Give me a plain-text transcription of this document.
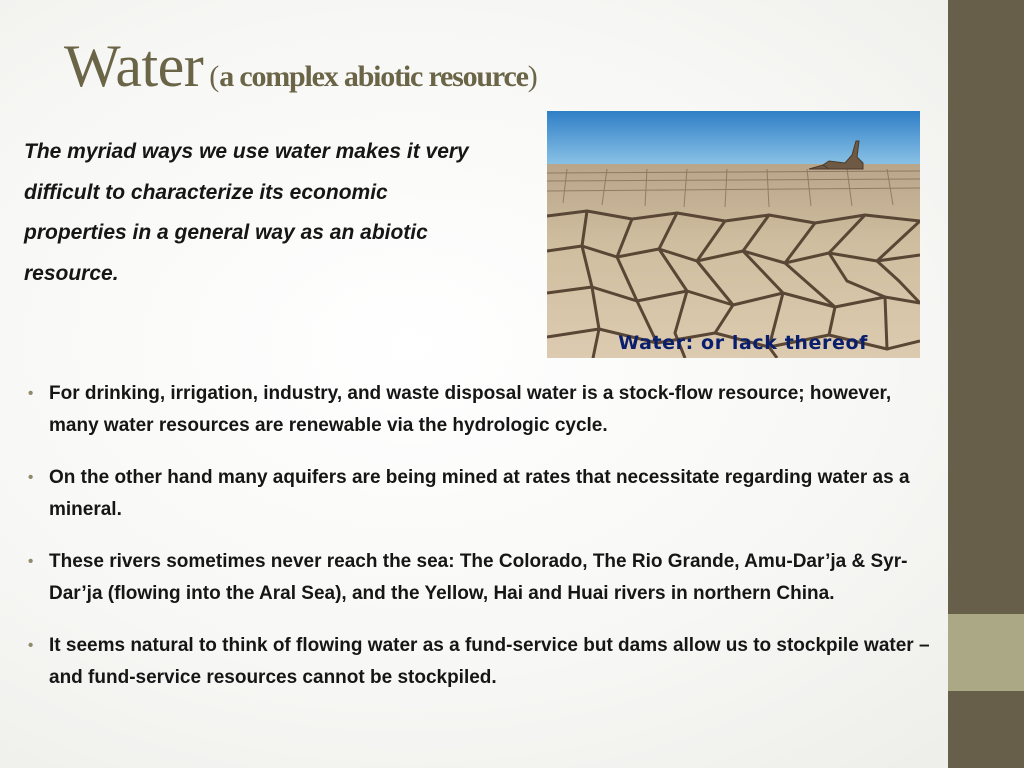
Water (a complex abiotic resource)

The myriad ways we use water makes it very difficult to characterize its economic properties in a general way as an abiotic resource.

Water: or lack thereof
• For drinking, irrigation, industry, and waste disposal water is a stock-flow resource; however, many water resources are renewable via the hydrologic cycle.
• On the other hand many aquifers are being mined at rates that necessitate regarding water as a mineral.
• These rivers sometimes never reach the sea: The Colorado, The Rio Grande, Amu-Dar’ja & Syr-Dar’ja (flowing into the Aral Sea), and the Yellow, Hai and Huai rivers in northern China.
• It seems natural to think of flowing water as a fund-service but dams allow us to stockpile water – and fund-service resources cannot be stockpiled.
